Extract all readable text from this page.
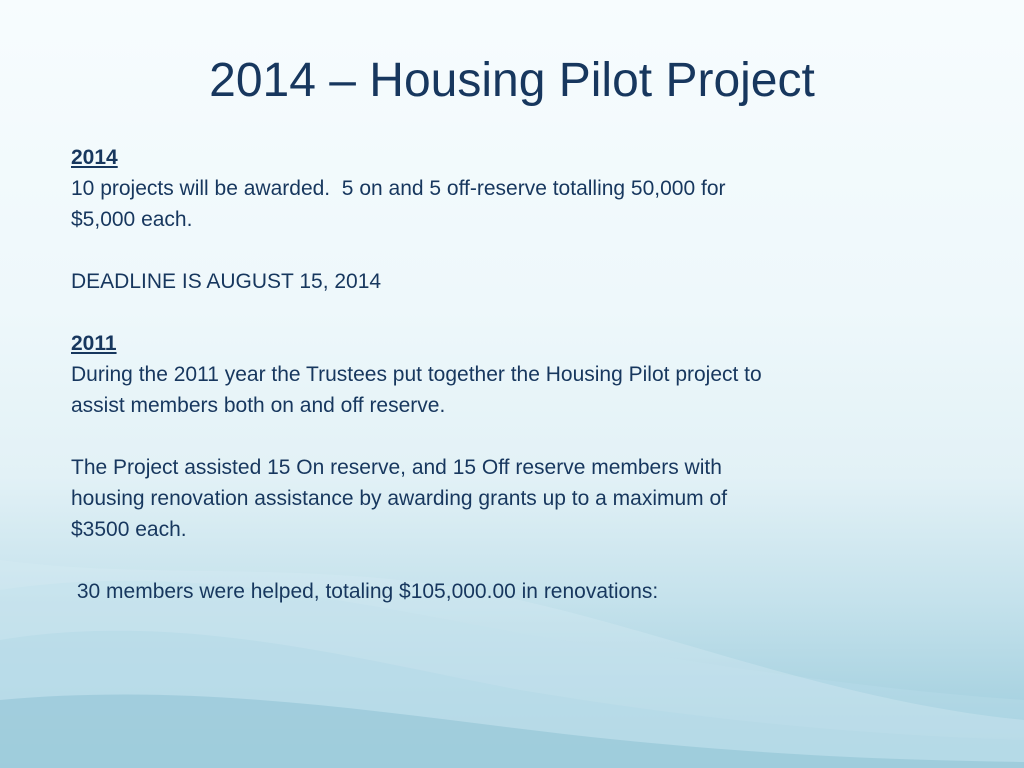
2014 – Housing Pilot Project
2014
10 projects will be awarded.  5 on and 5 off-reserve totalling 50,000 for
$5,000 each.
DEADLINE IS AUGUST 15, 2014
2011
During the 2011 year the Trustees put together the Housing Pilot project to
assist members both on and off reserve.
The Project assisted 15 On reserve, and 15 Off reserve members with
housing renovation assistance by awarding grants up to a maximum of
$3500 each.
30 members were helped, totaling $105,000.00 in renovations:
